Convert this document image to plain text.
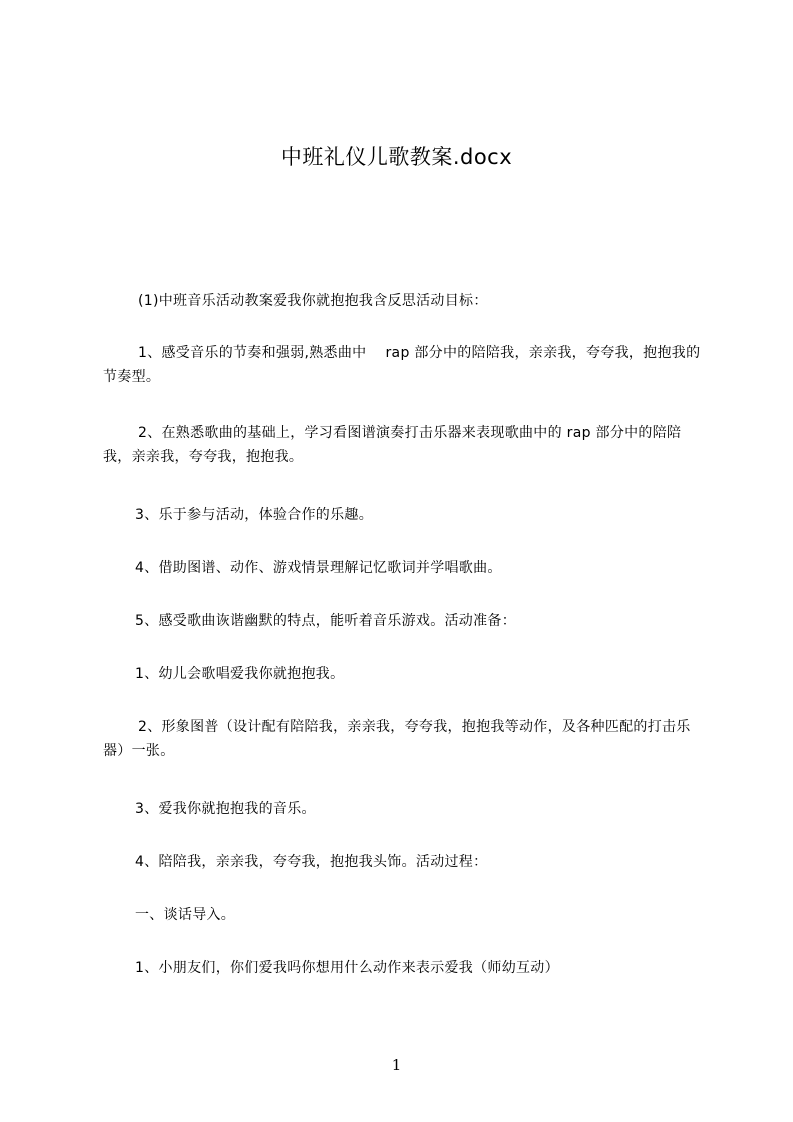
中班礼仪儿歌教案.docx

(1)中班音乐活动教案爱我你就抱抱我含反思活动目标：

1、感受音乐的节奏和强弱,熟悉曲中　 rap 部分中的陪陪我，亲亲我，夸夸我，抱抱我的节奏型。

2、在熟悉歌曲的基础上，学习看图谱演奏打击乐器来表现歌曲中的 rap 部分中的陪陪我，亲亲我，夸夸我，抱抱我。

3、乐于参与活动，体验合作的乐趣。

4、借助图谱、动作、游戏情景理解记忆歌词并学唱歌曲。

5、感受歌曲诙谐幽默的特点，能听着音乐游戏。活动准备：

1、幼儿会歌唱爱我你就抱抱我。

2、形象图普（设计配有陪陪我，亲亲我，夸夸我，抱抱我等动作，及各种匹配的打击乐器）一张。

3、爱我你就抱抱我的音乐。

4、陪陪我，亲亲我，夸夸我，抱抱我头饰。活动过程：

一、谈话导入。

1、小朋友们，你们爱我吗你想用什么动作来表示爱我（师幼互动）

1
